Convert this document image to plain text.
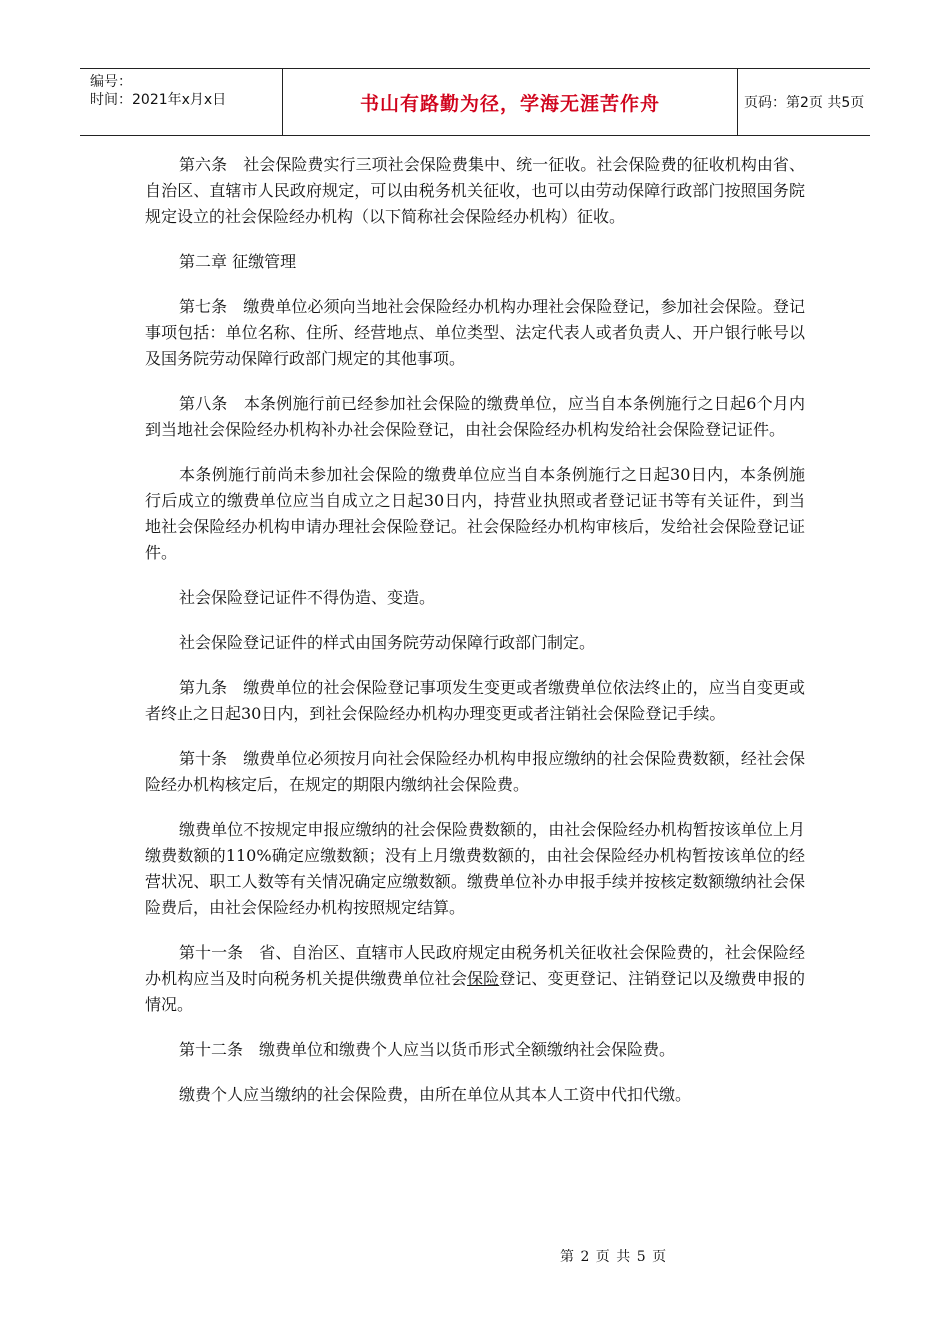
编号：
时间：2021年x月x日	书山有路勤为径，学海无涯苦作舟	页码：第2页 共5页

第六条　社会保险费实行三项社会保险费集中、统一征收。社会保险费的征收机构由省、自治区、直辖市人民政府规定，可以由税务机关征收，也可以由劳动保障行政部门按照国务院规定设立的社会保险经办机构（以下简称社会保险经办机构）征收。

第二章 征缴管理

第七条　缴费单位必须向当地社会保险经办机构办理社会保险登记，参加社会保险。登记事项包括：单位名称、住所、经营地点、单位类型、法定代表人或者负责人、开户银行帐号以及国务院劳动保障行政部门规定的其他事项。

第八条　本条例施行前已经参加社会保险的缴费单位，应当自本条例施行之日起6个月内到当地社会保险经办机构补办社会保险登记，由社会保险经办机构发给社会保险登记证件。

本条例施行前尚未参加社会保险的缴费单位应当自本条例施行之日起30日内，本条例施行后成立的缴费单位应当自成立之日起30日内，持营业执照或者登记证书等有关证件，到当地社会保险经办机构申请办理社会保险登记。社会保险经办机构审核后，发给社会保险登记证件。

社会保险登记证件不得伪造、变造。

社会保险登记证件的样式由国务院劳动保障行政部门制定。

第九条　缴费单位的社会保险登记事项发生变更或者缴费单位依法终止的，应当自变更或者终止之日起30日内，到社会保险经办机构办理变更或者注销社会保险登记手续。

第十条　缴费单位必须按月向社会保险经办机构申报应缴纳的社会保险费数额，经社会保险经办机构核定后，在规定的期限内缴纳社会保险费。

缴费单位不按规定申报应缴纳的社会保险费数额的，由社会保险经办机构暂按该单位上月缴费数额的110%确定应缴数额；没有上月缴费数额的，由社会保险经办机构暂按该单位的经营状况、职工人数等有关情况确定应缴数额。缴费单位补办申报手续并按核定数额缴纳社会保险费后，由社会保险经办机构按照规定结算。

第十一条　省、自治区、直辖市人民政府规定由税务机关征收社会保险费的，社会保险经办机构应当及时向税务机关提供缴费单位社会保险登记、变更登记、注销登记以及缴费申报的情况。

第十二条　缴费单位和缴费个人应当以货币形式全额缴纳社会保险费。

缴费个人应当缴纳的社会保险费，由所在单位从其本人工资中代扣代缴。

第 2 页 共 5 页
